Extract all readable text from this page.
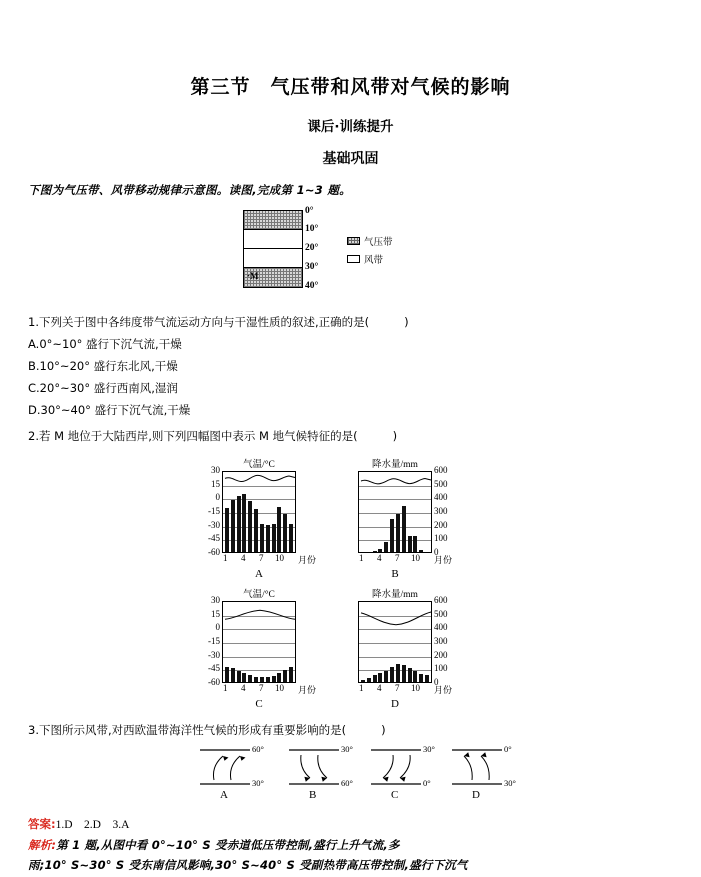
第三节　气压带和风带对气候的影响
课后·训练提升
基础巩固

下图为气压带、风带移动规律示意图。读图,完成第 1~3 题。

·M
0°
10°
20°
30°
40°
气压带
风带

1.下列关于图中各纬度带气流运动方向与干湿性质的叙述,正确的是(　　	)

A.0°~10° 盛行下沉气流,干燥

B.10°~20° 盛行东北风,干燥

C.20°~30° 盛行西南风,湿润

D.30°~40° 盛行下沉气流,干燥

2.若 M 地位于大陆西岸,则下列四幅图中表示 M 地气候特征的是(　　	)

气温/°C
30
15
0
-15
-30
-45
-60
1 4 7 10 月份
A
降水量/mm	600
500
400
300
200
100
0
1 4 7 10 月份
B
气温/°C
30
15
0
-15
-30
-45
-60
1 4 7 10 月份
C
降水量/mm	600
500
400
300
200
100
0
1 4 7 10 月份
D

3.下图所示风带,对西欧温带海洋性气候的形成有重要影响的是(　　	)

60°
30°
A
30°
60°
B
30°
0°
C
0°
30°
D
答案:1.D　2.D　3.A
解析:第 1 题,从图中看 0°~10° S 受赤道低压带控制,盛行上升气流,多
雨;10° S~30° S 受东南信风影响,30° S~40° S 受副热带高压带控制,盛行下沉气
